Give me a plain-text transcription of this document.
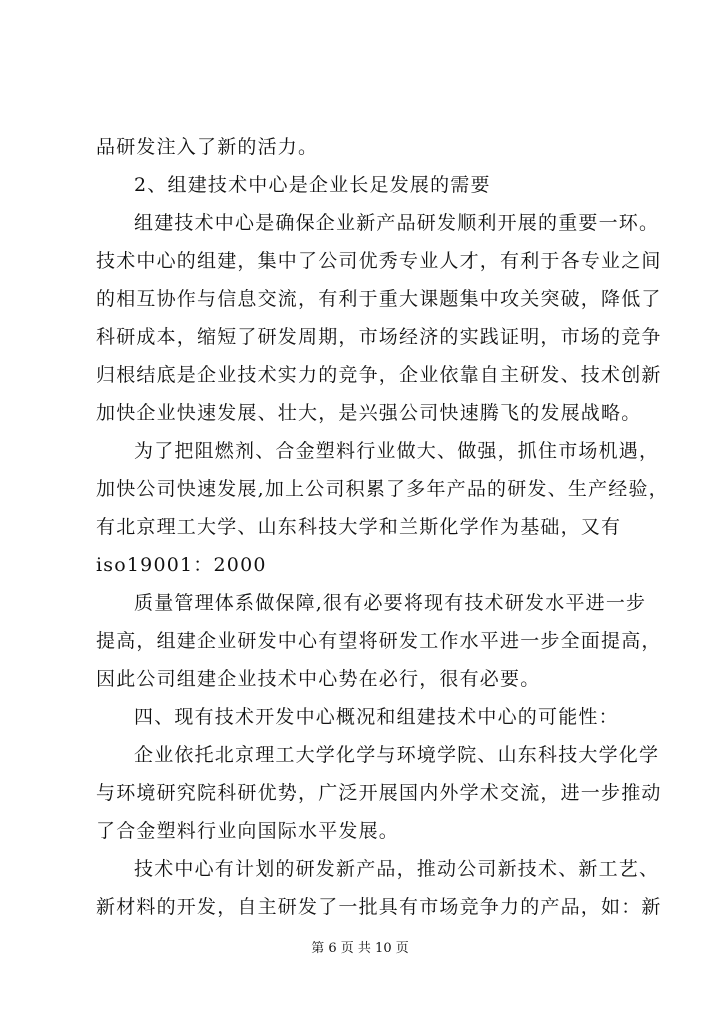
品研发注入了新的活力。

2、组建技术中心是企业长足发展的需要

组建技术中心是确保企业新产品研发顺利开展的重要一环。

技术中心的组建，集中了公司优秀专业人才，有利于各专业之间

的相互协作与信息交流，有利于重大课题集中攻关突破，降低了

科研成本，缩短了研发周期，市场经济的实践证明，市场的竞争

归根结底是企业技术实力的竞争，企业依靠自主研发、技术创新

加快企业快速发展、壮大，是兴强公司快速腾飞的发展战略。

为了把阻燃剂、合金塑料行业做大、做强，抓住市场机遇，

加快公司快速发展,加上公司积累了多年产品的研发、生产经验，

有北京理工大学、山东科技大学和兰斯化学作为基础，又有

iso19001：2000

质量管理体系做保障,很有必要将现有技术研发水平进一步

提高，组建企业研发中心有望将研发工作水平进一步全面提高，

因此公司组建企业技术中心势在必行，很有必要。

四、现有技术开发中心概况和组建技术中心的可能性：

企业依托北京理工大学化学与环境学院、山东科技大学化学

与环境研究院科研优势，广泛开展国内外学术交流，进一步推动

了合金塑料行业向国际水平发展。

技术中心有计划的研发新产品，推动公司新技术、新工艺、

新材料的开发，自主研发了一批具有市场竞争力的产品，如：新

第 6 页 共 10 页
